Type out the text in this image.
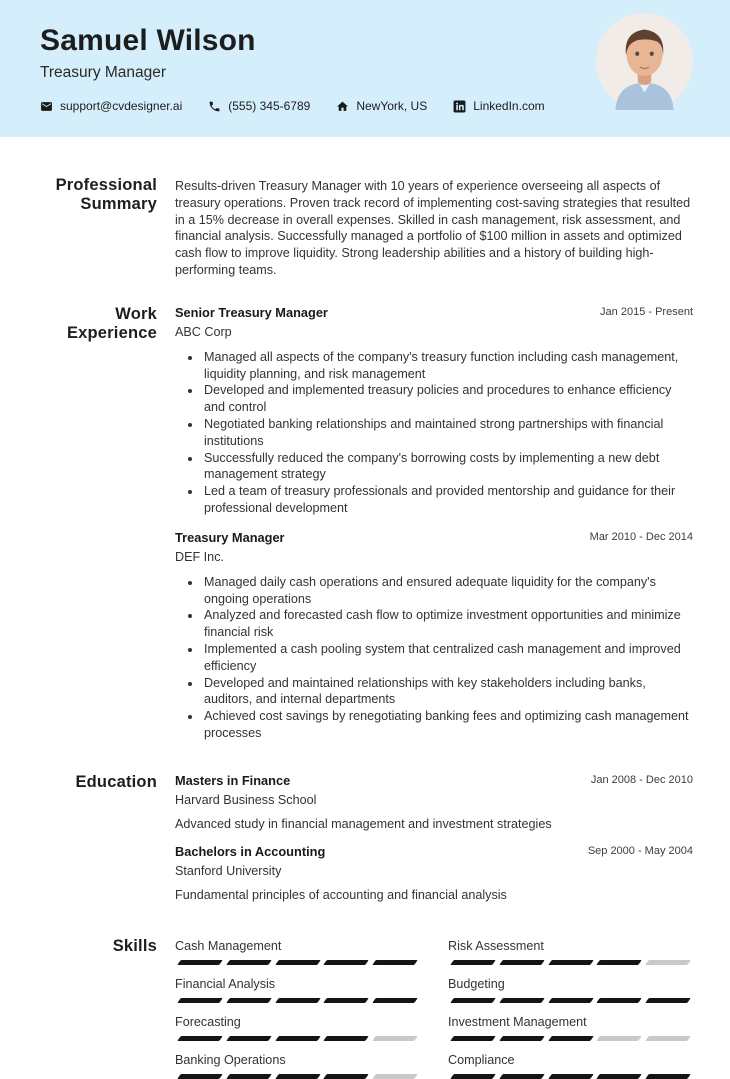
Samuel Wilson
Treasury Manager
support@cvdesigner.ai	(555) 345-6789	NewYork, US	LinkedIn.com
Professional
Summary
Results-driven Treasury Manager with 10 years of experience overseeing all aspects of treasury operations. Proven track record of implementing cost-saving strategies that resulted in a 15% decrease in overall expenses. Skilled in cash management, risk assessment, and financial analysis. Successfully managed a portfolio of $100 million in assets and optimized cash flow to improve liquidity. Strong leadership abilities and a history of building high-performing teams.
Work
Experience
Senior Treasury Manager	Jan 2015 - Present
ABC Corp
• Managed all aspects of the company's treasury function including cash management, liquidity planning, and risk management
• Developed and implemented treasury policies and procedures to enhance efficiency and control
• Negotiated banking relationships and maintained strong partnerships with financial institutions
• Successfully reduced the company's borrowing costs by implementing a new debt management strategy
• Led a team of treasury professionals and provided mentorship and guidance for their professional development
Treasury Manager	Mar 2010 - Dec 2014
DEF Inc.
• Managed daily cash operations and ensured adequate liquidity for the company's ongoing operations
• Analyzed and forecasted cash flow to optimize investment opportunities and minimize financial risk
• Implemented a cash pooling system that centralized cash management and improved efficiency
• Developed and maintained relationships with key stakeholders including banks, auditors, and internal departments
• Achieved cost savings by renegotiating banking fees and optimizing cash management processes
Education Masters in Finance	Jan 2008 - Dec 2010
Harvard Business School
Advanced study in financial management and investment strategies
Bachelors in Accounting	Sep 2000 - May 2004
Stanford University
Fundamental principles of accounting and financial analysis
Skills Cash Management	Risk Assessment
Financial Analysis	Budgeting
Forecasting	Investment Management
Banking Operations	Compliance
